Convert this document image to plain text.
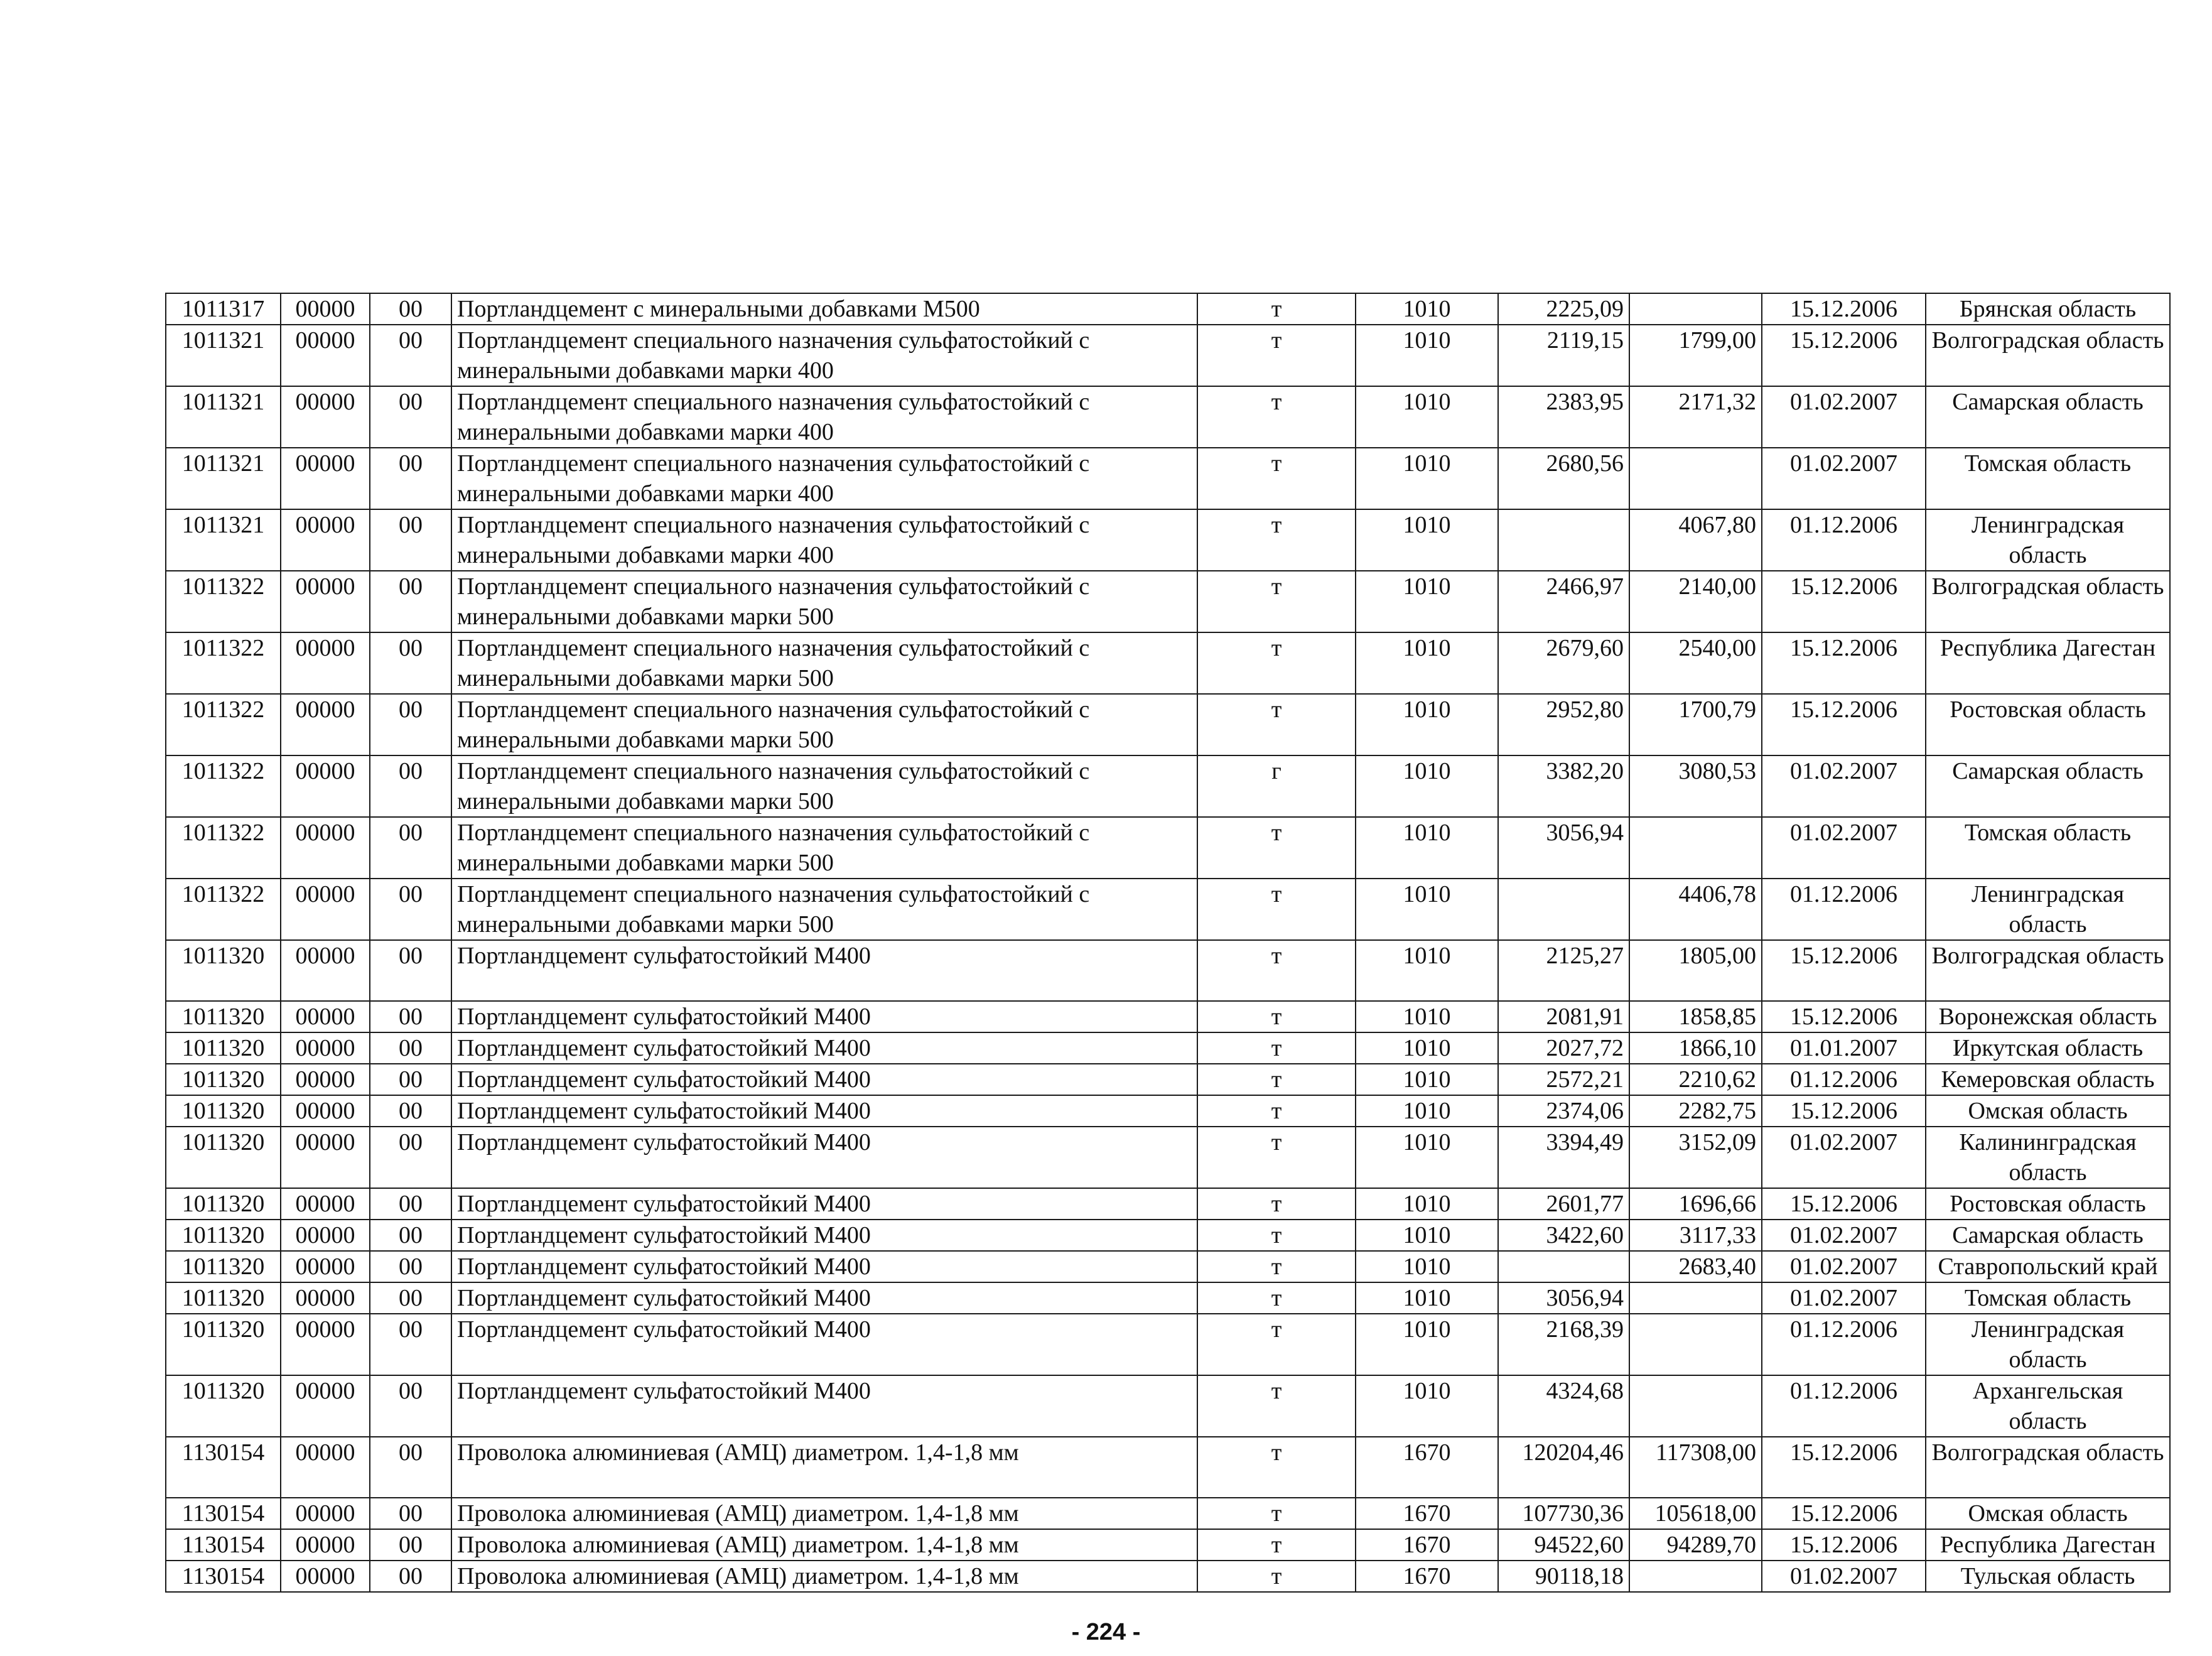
1011317	00000	00	Портландцемент с минеральными добавками М500	т	1010	2225,09		15.12.2006	Брянская область
1011321	00000	00	Портландцемент специального назначения сульфатостойкий с минеральными добавками марки 400	т	1010	2119,15	1799,00	15.12.2006	Волгоградская область
1011321	00000	00	Портландцемент специального назначения сульфатостойкий с минеральными добавками марки 400	т	1010	2383,95	2171,32	01.02.2007	Самарская область
1011321	00000	00	Портландцемент специального назначения сульфатостойкий с минеральными добавками марки 400	т	1010	2680,56		01.02.2007	Томская область
1011321	00000	00	Портландцемент специального назначения сульфатостойкий с минеральными добавками марки 400	т	1010		4067,80	01.12.2006	Ленинградская область
1011322	00000	00	Портландцемент специального назначения сульфатостойкий с минеральными добавками марки 500	т	1010	2466,97	2140,00	15.12.2006	Волгоградская область
1011322	00000	00	Портландцемент специального назначения сульфатостойкий с минеральными добавками марки 500	т	1010	2679,60	2540,00	15.12.2006	Республика Дагестан
1011322	00000	00	Портландцемент специального назначения сульфатостойкий с минеральными добавками марки 500	т	1010	2952,80	1700,79	15.12.2006	Ростовская область
1011322	00000	00	Портландцемент специального назначения сульфатостойкий с минеральными добавками марки 500	г	1010	3382,20	3080,53	01.02.2007	Самарская область
1011322	00000	00	Портландцемент специального назначения сульфатостойкий с минеральными добавками марки 500	т	1010	3056,94		01.02.2007	Томская область
1011322	00000	00	Портландцемент специального назначения сульфатостойкий с минеральными добавками марки 500	т	1010		4406,78	01.12.2006	Ленинградская область
1011320	00000	00	Портландцемент сульфатостойкий М400	т	1010	2125,27	1805,00	15.12.2006	Волгоградская область
1011320	00000	00	Портландцемент сульфатостойкий М400	т	1010	2081,91	1858,85	15.12.2006	Воронежская область
1011320	00000	00	Портландцемент сульфатостойкий М400	т	1010	2027,72	1866,10	01.01.2007	Иркутская область
1011320	00000	00	Портландцемент сульфатостойкий М400	т	1010	2572,21	2210,62	01.12.2006	Кемеровская область
1011320	00000	00	Портландцемент сульфатостойкий М400	т	1010	2374,06	2282,75	15.12.2006	Омская область
1011320	00000	00	Портландцемент сульфатостойкий М400	т	1010	3394,49	3152,09	01.02.2007	Калининградская область
1011320	00000	00	Портландцемент сульфатостойкий М400	т	1010	2601,77	1696,66	15.12.2006	Ростовская область
1011320	00000	00	Портландцемент сульфатостойкий М400	т	1010	3422,60	3117,33	01.02.2007	Самарская область
1011320	00000	00	Портландцемент сульфатостойкий М400	т	1010		2683,40	01.02.2007	Ставропольский край
1011320	00000	00	Портландцемент сульфатостойкий М400	т	1010	3056,94		01.02.2007	Томская область
1011320	00000	00	Портландцемент сульфатостойкий М400	т	1010	2168,39		01.12.2006	Ленинградская область
1011320	00000	00	Портландцемент сульфатостойкий М400	т	1010	4324,68		01.12.2006	Архангельская область
1130154	00000	00	Проволока алюминиевая (АМЦ) диаметром. 1,4-1,8 мм	т	1670	120204,46	117308,00	15.12.2006	Волгоградская область
1130154	00000	00	Проволока алюминиевая (АМЦ) диаметром. 1,4-1,8 мм	т	1670	107730,36	105618,00	15.12.2006	Омская область
1130154	00000	00	Проволока алюминиевая (АМЦ) диаметром. 1,4-1,8 мм	т	1670	94522,60	94289,70	15.12.2006	Республика Дагестан
1130154	00000	00	Проволока алюминиевая (АМЦ) диаметром. 1,4-1,8 мм	т	1670	90118,18		01.02.2007	Тульская область
- 224 -
